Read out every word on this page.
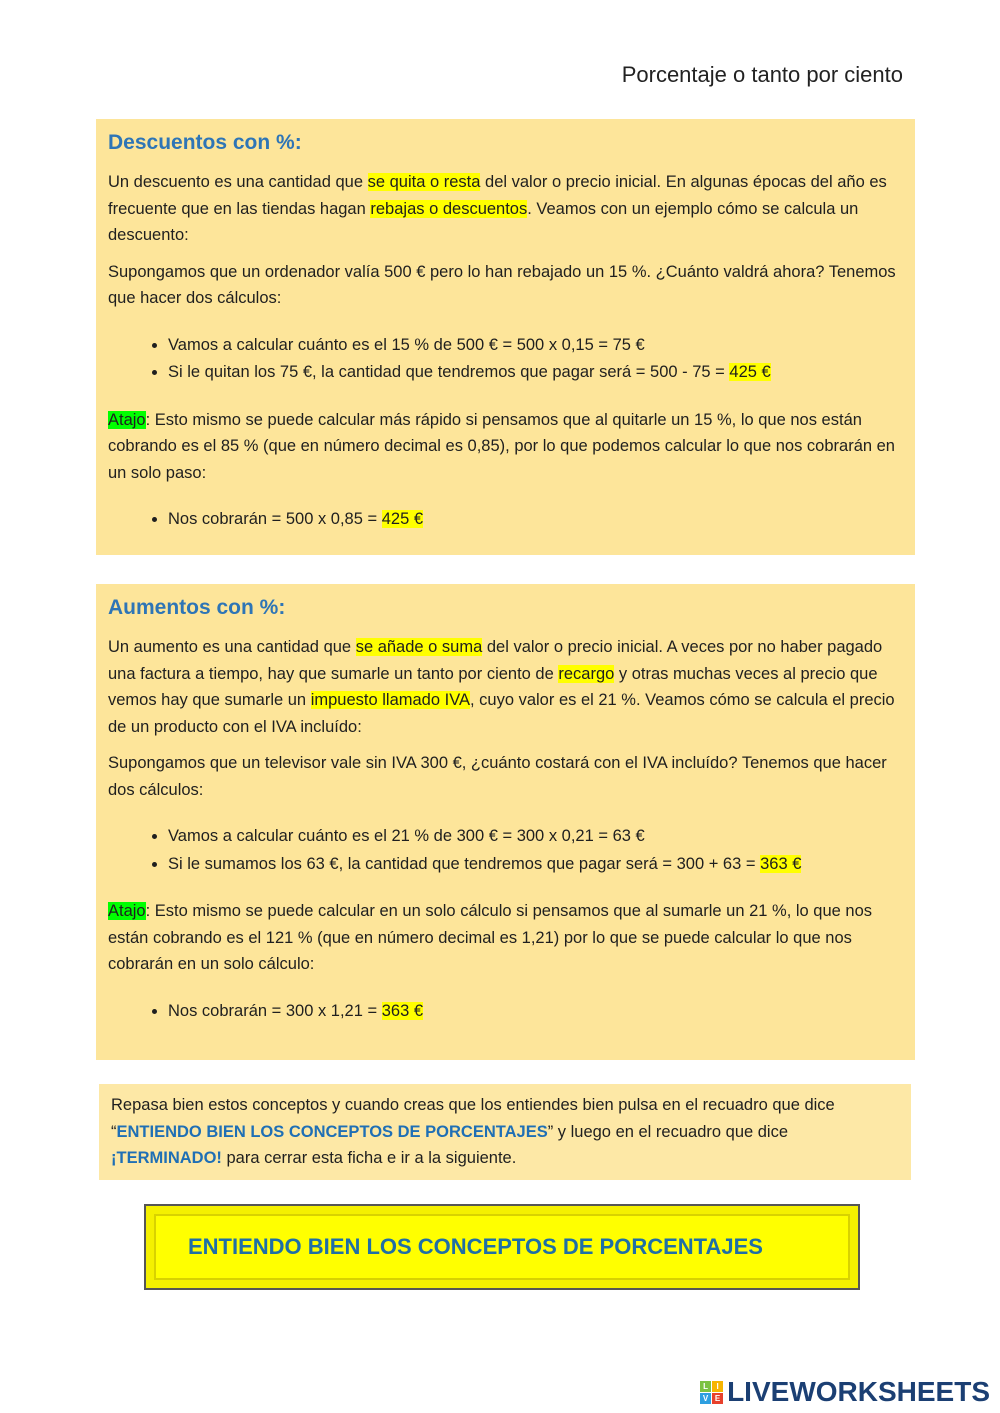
Porcentaje o tanto por ciento
Descuentos con %:

Un descuento es una cantidad que se quita o resta del valor o precio inicial. En algunas épocas del año es frecuente que en las tiendas hagan rebajas o descuentos. Veamos con un ejemplo cómo se calcula un descuento:

Supongamos que un ordenador valía 500 € pero lo han rebajado un 15 %. ¿Cuánto valdrá ahora? Tenemos que hacer dos cálculos:

• Vamos a calcular cuánto es el 15 % de 500 € = 500 x 0,15 = 75 €
• Si le quitan los 75 €, la cantidad que tendremos que pagar será = 500 - 75 = 425 €

Atajo: Esto mismo se puede calcular más rápido si pensamos que al quitarle un 15 %, lo que nos están cobrando es el 85 % (que en número decimal es 0,85), por lo que podemos calcular lo que nos cobrarán en un solo paso:

• Nos cobrarán = 500 x 0,85 = 425 €
Aumentos con %:

Un aumento es una cantidad que se añade o suma del valor o precio inicial. A veces por no haber pagado una factura a tiempo, hay que sumarle un tanto por ciento de recargo y otras muchas veces al precio que vemos hay que sumarle un impuesto llamado IVA, cuyo valor es el 21 %. Veamos cómo se calcula el precio de un producto con el IVA incluído:

Supongamos que un televisor vale sin IVA 300 €, ¿cuánto costará con el IVA incluído? Tenemos que hacer dos cálculos:

• Vamos a calcular cuánto es el 21 % de 300 € = 300 x 0,21 = 63 €
• Si le sumamos los 63 €, la cantidad que tendremos que pagar será = 300 + 63 = 363 €

Atajo: Esto mismo se puede calcular en un solo cálculo si pensamos que al sumarle un 21 %, lo que nos están cobrando es el 121 % (que en número decimal es 1,21) por lo que se puede calcular lo que nos cobrarán en un solo cálculo:

• Nos cobrarán = 300 x 1,21 = 363 €

Repasa bien estos conceptos y cuando creas que los entiendes bien pulsa en el recuadro que dice “ENTIENDO BIEN LOS CONCEPTOS DE PORCENTAJES” y luego en el recuadro que dice ¡TERMINADO! para cerrar esta ficha e ir a la siguiente.

ENTIENDO BIEN LOS CONCEPTOS DE PORCENTAJES
L	I
V E LIVEWORKSHEETS
